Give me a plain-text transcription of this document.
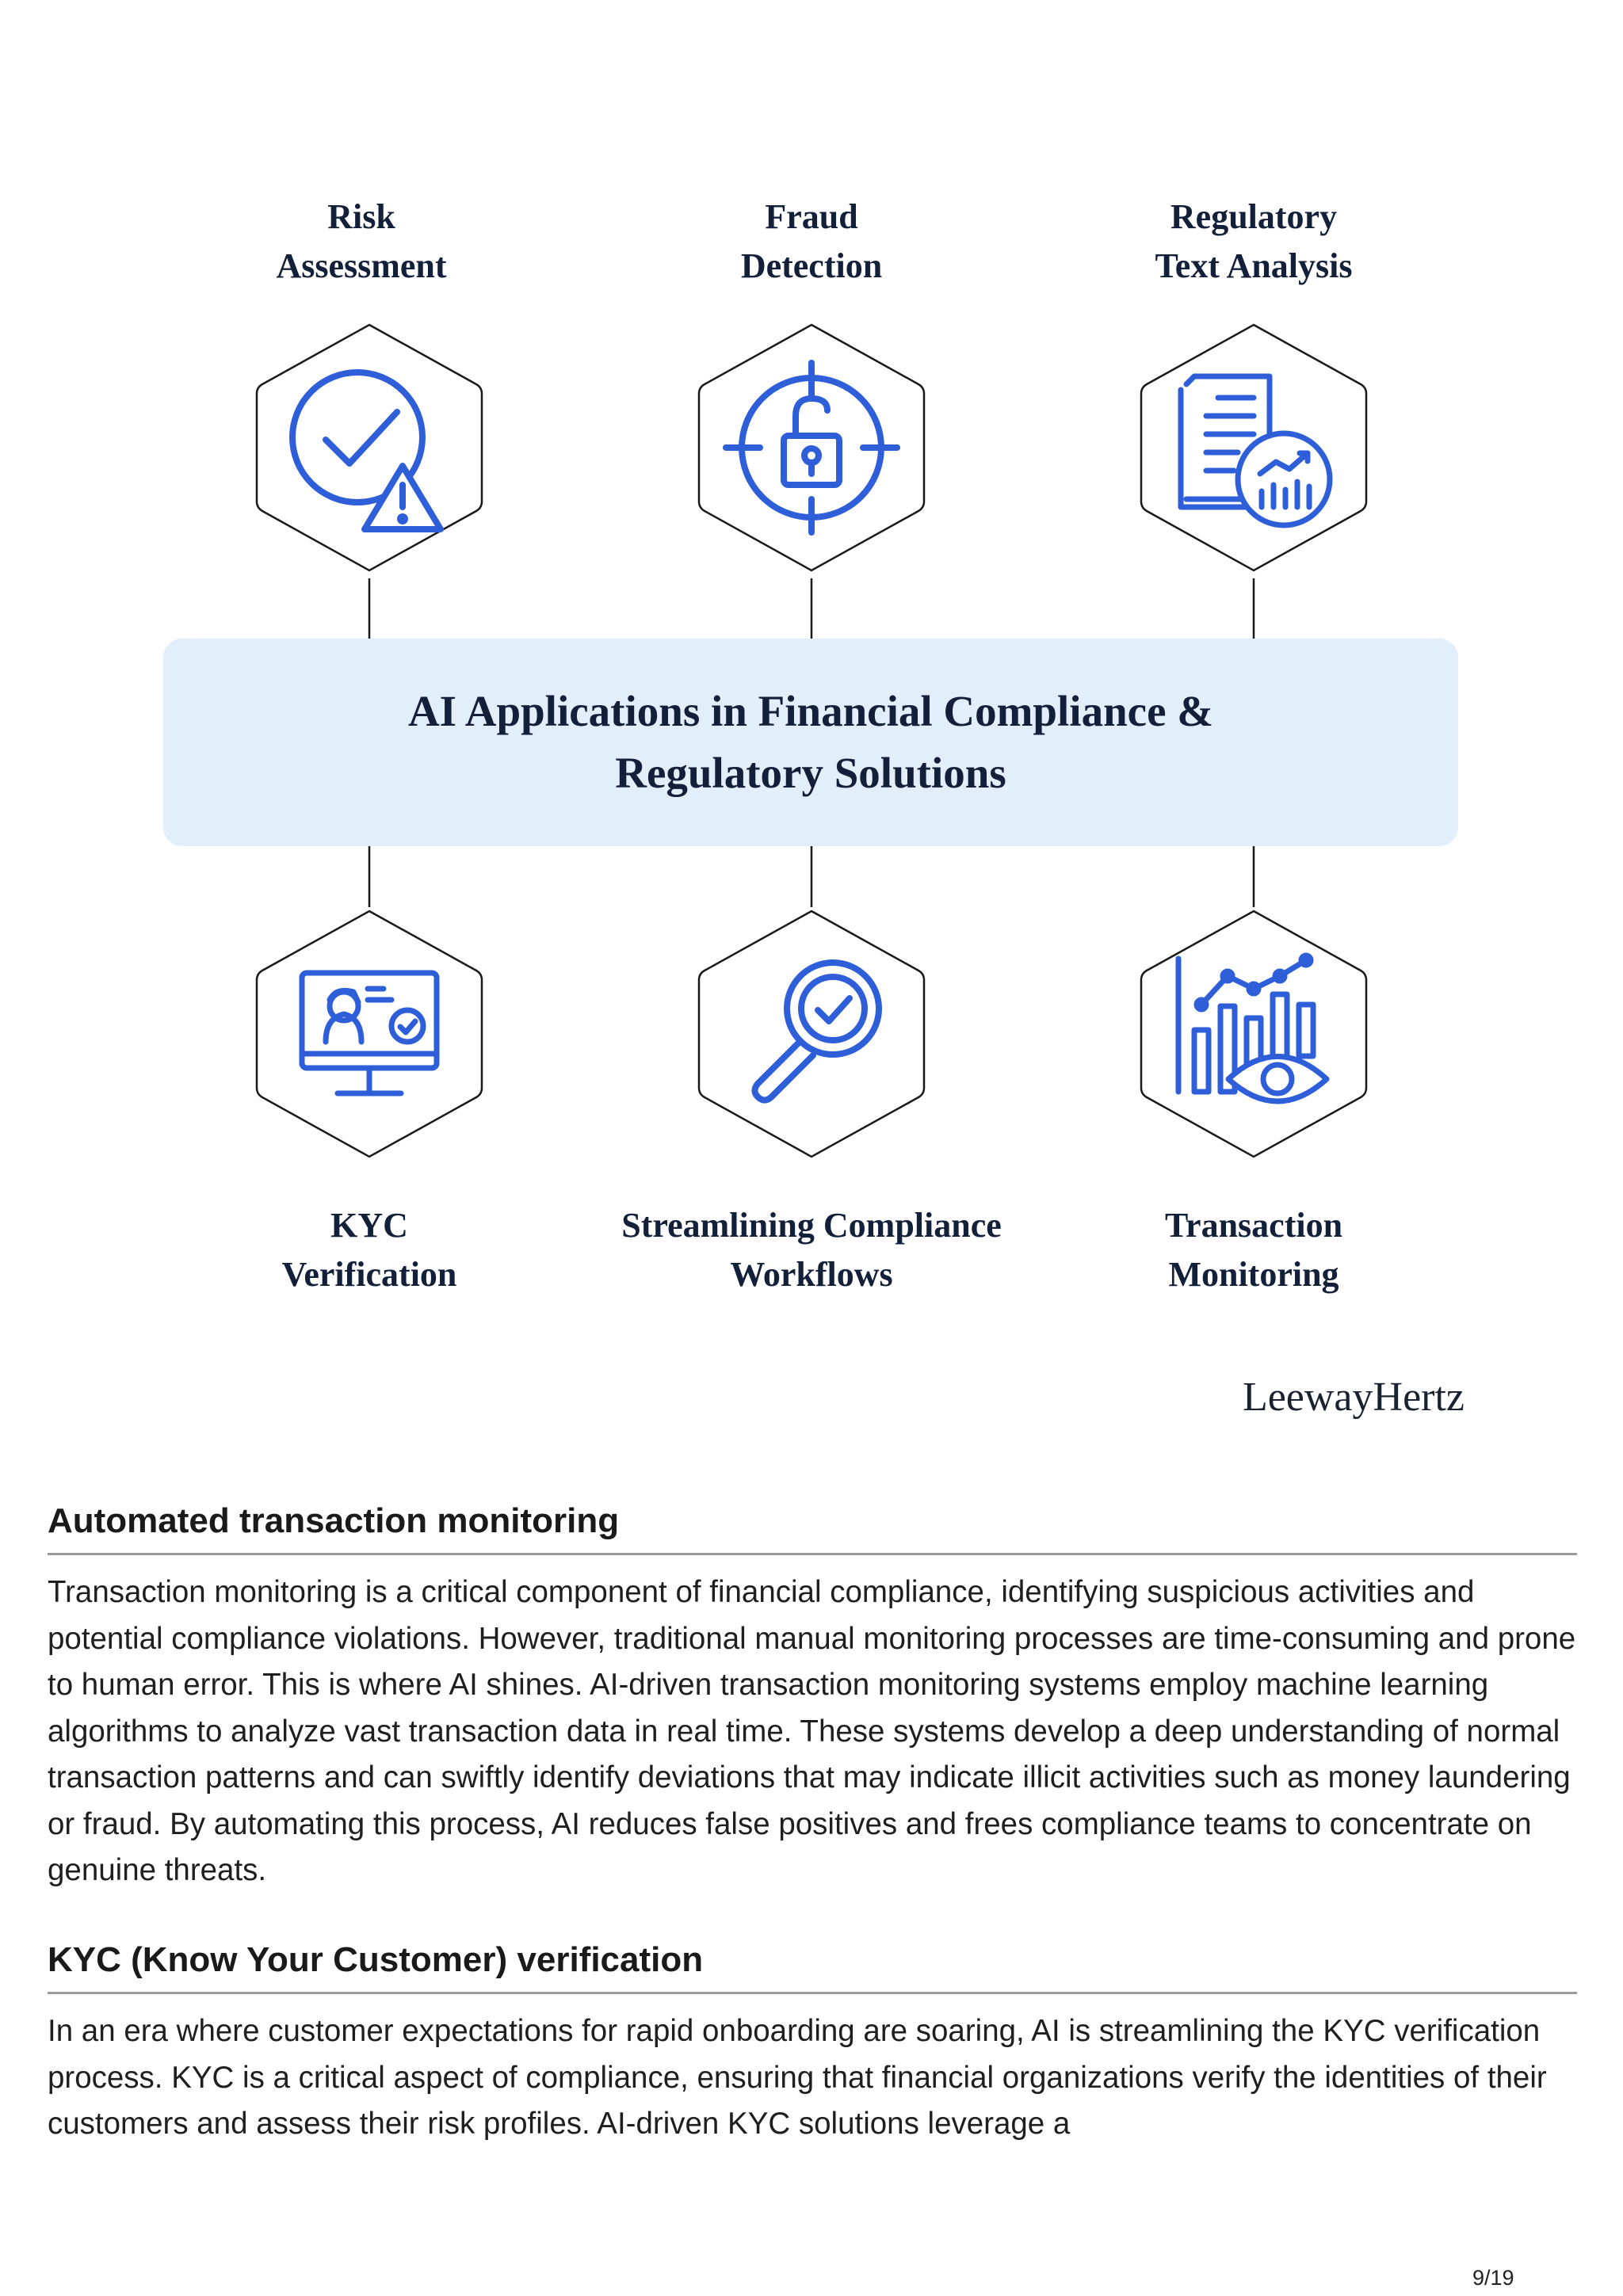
Risk
Assessment
Fraud
Detection
Regulatory
Text Analysis
AI Applications in Financial Compliance & Regulatory Solutions
KYC
Verification
Streamlining Compliance
Workflows
Transaction
Monitoring
LeewayHertz
Automated transaction monitoring

Transaction monitoring is a critical component of financial compliance, identifying suspicious activities and potential compliance violations. However, traditional manual monitoring processes are time-consuming and prone to human error. This is where AI shines. AI-driven transaction monitoring systems employ machine learning algorithms to analyze vast transaction data in real time. These systems develop a deep understanding of normal transaction patterns and can swiftly identify deviations that may indicate illicit activities such as money laundering or fraud. By automating this process, AI reduces false positives and frees compliance teams to concentrate on genuine threats.

KYC (Know Your Customer) verification

In an era where customer expectations for rapid onboarding are soaring, AI is streamlining the KYC verification process. KYC is a critical aspect of compliance, ensuring that financial organizations verify the identities of their customers and assess their risk profiles. AI-driven KYC solutions leverage a

9/19
